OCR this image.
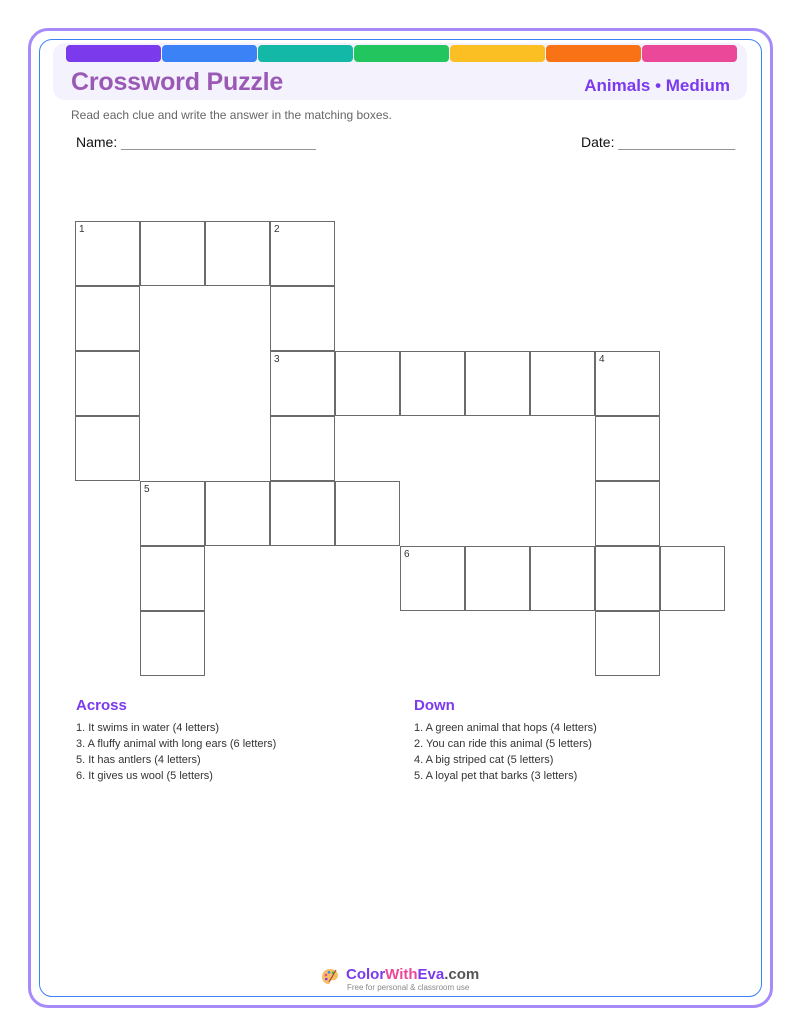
Crossword Puzzle	Animals • Medium
Read each clue and write the answer in the matching boxes.
Name: _________________________	Date: _______________
1	2
3	4
5
6
Across
1. It swims in water (4 letters)
3. A fluffy animal with long ears (6 letters)
5. It has antlers (4 letters)
6. It gives us wool (5 letters)
Down
1. A green animal that hops (4 letters)
2. You can ride this animal (5 letters)
4. A big striped cat (5 letters)
5. A loyal pet that barks (3 letters)
ColorWithEva.com
Free for personal & classroom use
